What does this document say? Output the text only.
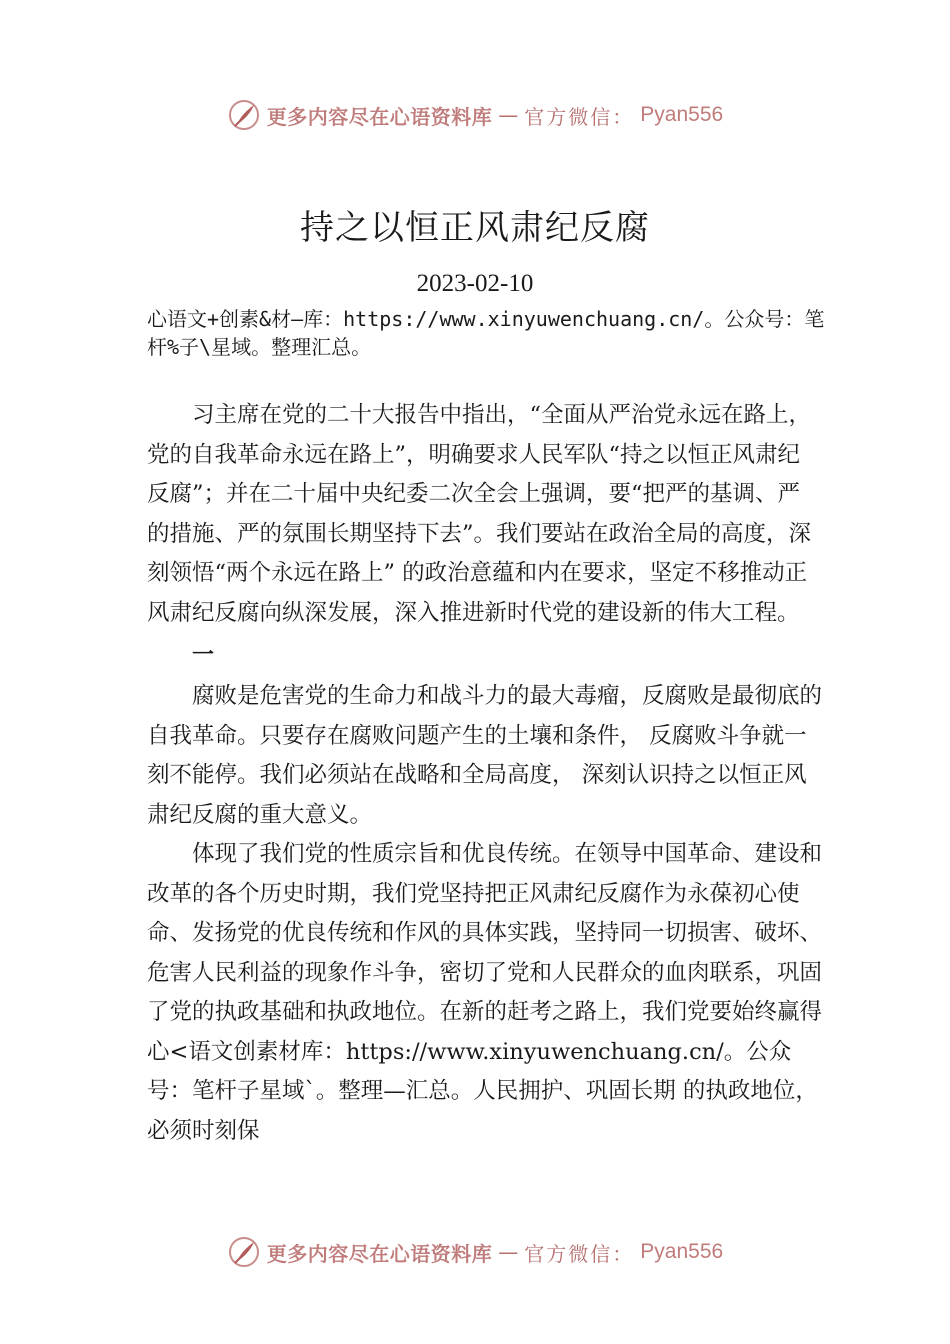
更多内容尽在心语资料库 — 官方微信： Pyan556
持之以恒正风肃纪反腐
2023-02-10
心语文+创素&材—库：https://www.xinyuwenchuang.cn/。公众号：笔杆%子\星域。整理汇总。

习主席在党的二十大报告中指出，“全面从严治党永远在路上，党的自我革命永远在路上”，明确要求人民军队“持之以恒正风肃纪反腐”；并在二十届中央纪委二次全会上强调，要“把严的基调、严的措施、严的氛围长期坚持下去”。我们要站在政治全局的高度，深刻领悟“两个永远在路上” 的政治意蕴和内在要求，坚定不移推动正风肃纪反腐向纵深发展，深入推进新时代党的建设新的伟大工程。

一

腐败是危害党的生命力和战斗力的最大毒瘤，反腐败是最彻底的自我革命。只要存在腐败问题产生的土壤和条件， 反腐败斗争就一刻不能停。我们必须站在战略和全局高度， 深刻认识持之以恒正风肃纪反腐的重大意义。

体现了我们党的性质宗旨和优良传统。在领导中国革命、建设和改革的各个历史时期，我们党坚持把正风肃纪反腐作为永葆初心使命、发扬党的优良传统和作风的具体实践，坚持同一切损害、破坏、危害人民利益的现象作斗争，密切了党和人民群众的血肉联系，巩固了党的执政基础和执政地位。在新的赶考之路上，我们党要始终赢得心<语文创素材库：https://www.xinyuwenchuang.cn/。公众号：笔杆子星域`。整理—汇总。人民拥护、巩固长期 的执政地位，必须时刻保

更多内容尽在心语资料库 — 官方微信： Pyan556
